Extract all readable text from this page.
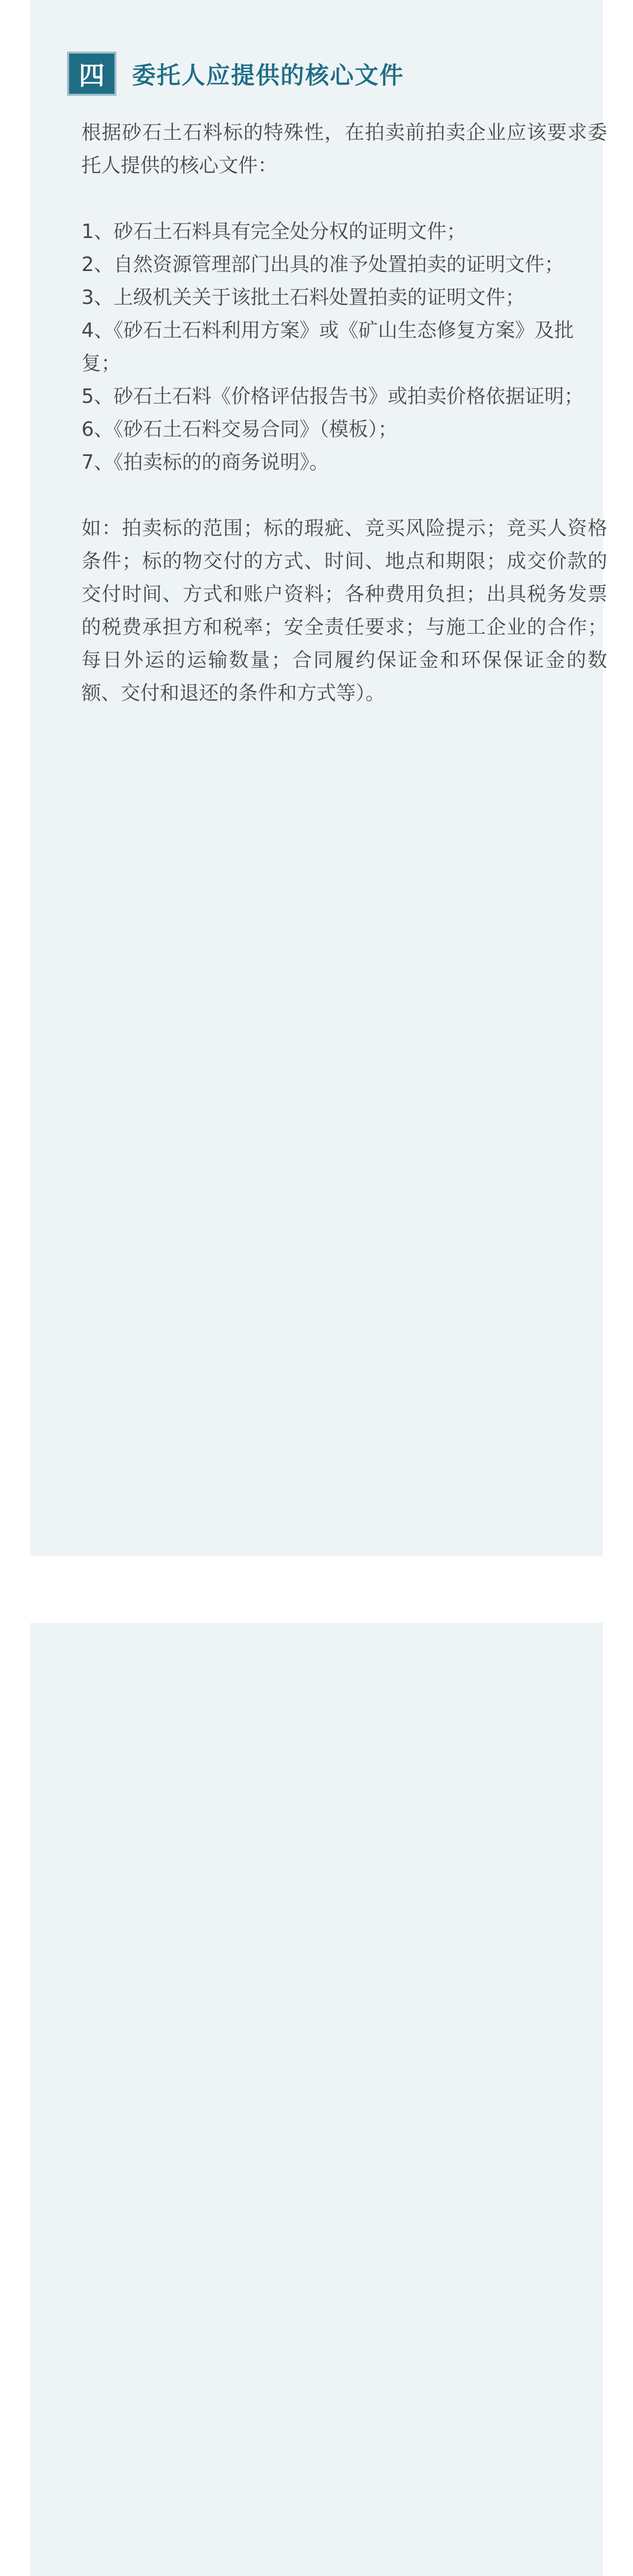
四	委托人应提供的核心文件

根据砂石土石料标的特殊性，在拍卖前拍卖企业应该要求委托人提供的核心文件：

1、砂石土石料具有完全处分权的证明文件；
2、自然资源管理部门出具的准予处置拍卖的证明文件；
3、上级机关关于该批土石料处置拍卖的证明文件；
4、《砂石土石料利用方案》或《矿山生态修复方案》及批复；
5、砂石土石料《价格评估报告书》或拍卖价格依据证明；
6、《砂石土石料交易合同》（模板）；
7、《拍卖标的的商务说明》。

如：拍卖标的范围；标的瑕疵、竞买风险提示；竞买人资格条件；标的物交付的方式、时间、地点和期限；成交价款的交付时间、方式和账户资料；各种费用负担；出具税务发票的税费承担方和税率；安全责任要求；与施工企业的合作；每日外运的运输数量；合同履约保证金和环保保证金的数额、交付和退还的条件和方式等）。
